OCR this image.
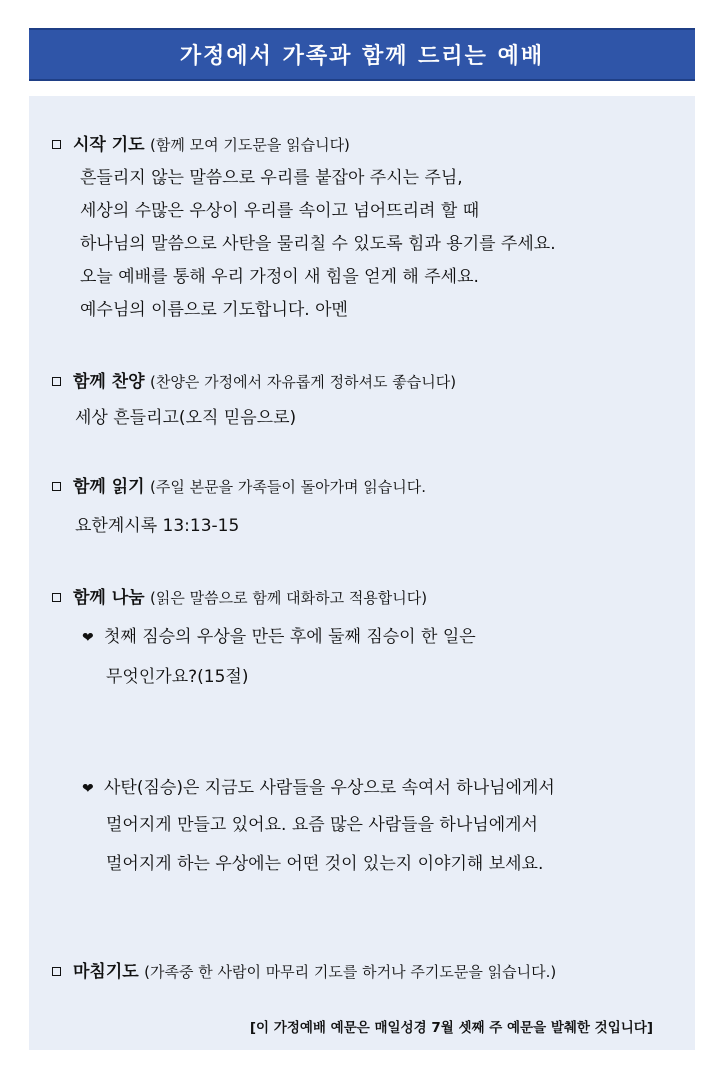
가정에서 가족과 함께 드리는 예배
시작 기도 (함께 모여 기도문을 읽습니다)
흔들리지 않는 말씀으로 우리를 붙잡아 주시는 주님,
세상의 수많은 우상이 우리를 속이고 넘어뜨리려 할 때
하나님의 말씀으로 사탄을 물리칠 수 있도록 힘과 용기를 주세요.
오늘 예배를 통해 우리 가정이 새 힘을 얻게 해 주세요.
예수님의 이름으로 기도합니다. 아멘
함께 찬양 (찬양은 가정에서 자유롭게 정하셔도 좋습니다)
세상 흔들리고(오직 믿음으로)
함께 읽기 (주일 본문을 가족들이 돌아가며 읽습니다.
요한계시록 13:13-15
함께 나눔 (읽은 말씀으로 함께 대화하고 적용합니다)
❤ 첫째 짐승의 우상을 만든 후에 둘째 짐승이 한 일은
무엇인가요?(15절)
❤ 사탄(짐승)은 지금도 사람들을 우상으로 속여서 하나님에게서
멀어지게 만들고 있어요. 요즘 많은 사람들을 하나님에게서
멀어지게 하는 우상에는 어떤 것이 있는지 이야기해 보세요.
마침기도 (가족중 한 사람이 마무리 기도를 하거나 주기도문을 읽습니다.)
[이 가정예배 예문은 매일성경 7월 셋째 주 예문을 발췌한 것입니다]
